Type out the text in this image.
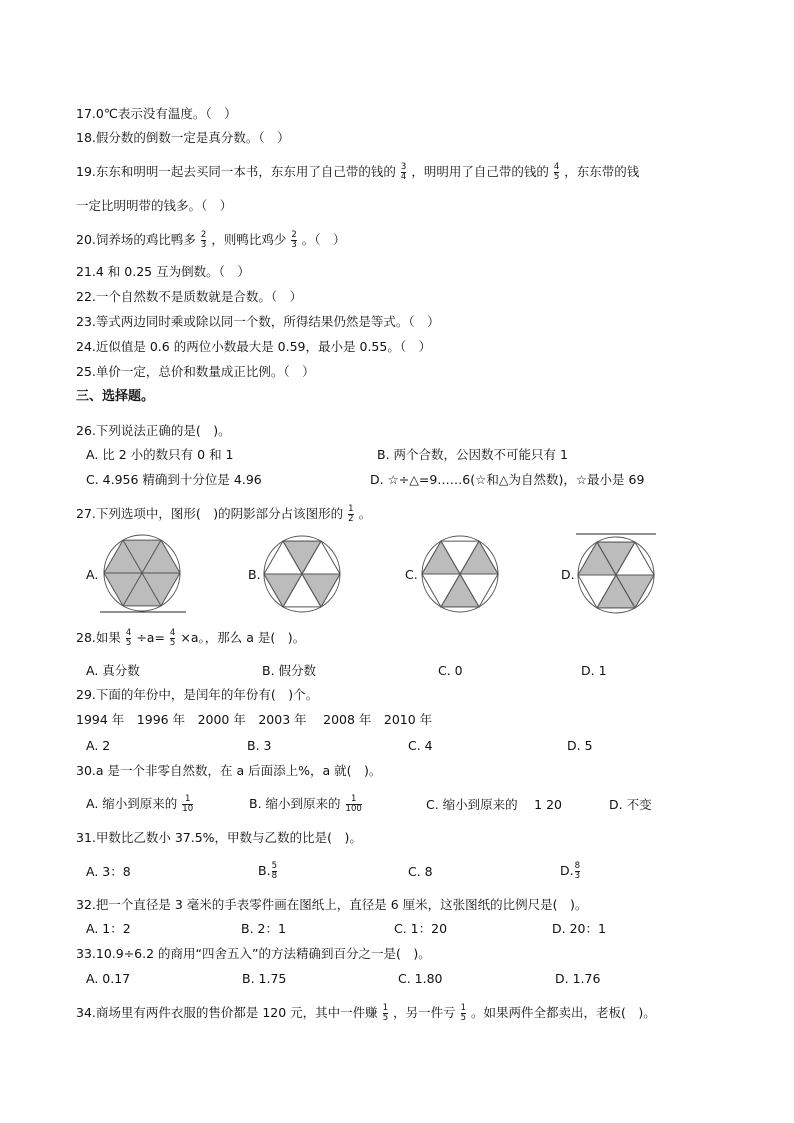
17.0℃表示没有温度。（　）
18.假分数的倒数一定是真分数。（　）
19.东东和明明一起去买同一本书，东东用了自己带的钱的 $\frac{3}{4}$ ，明明用了自己带的钱的 $\frac{4}{5}$ ，东东带的钱
一定比明明带的钱多。（　）
20.饲养场的鸡比鸭多 $\frac{2}{3}$ ，则鸭比鸡少 $\frac{2}{3}$ 。（　）
21.4 和 0.25 互为倒数。（　）
22.一个自然数不是质数就是合数。（　）
23.等式两边同时乘或除以同一个数，所得结果仍然是等式。（　）
24.近似值是 0.6 的两位小数最大是 0.59，最小是 0.55。（　）
25.单价一定，总价和数量成正比例。（　）
三、选择题。
26.下列说法正确的是(　)。
A. 比 2 小的数只有 0 和 1	B. 两个合数，公因数不可能只有 1
C. 4.956 精确到十分位是 4.96	D. ☆÷△=9……6(☆和△为自然数)，☆最小是 69
27.下列选项中，图形(　)的阴影部分占该图形的 $\frac{1}{2}$ 。
A.	B.	C.	D.
28.如果 $\frac{4}{5} \div a= \frac{4}{5} \times a$。，那么 a 是(　)。
A. 真分数	B. 假分数	C. 0	D. 1
29.下面的年份中，是闰年的年份有(　)个。
1994 年　1996 年　2000 年　2003 年　 2008 年　2010 年
A. 2	B. 3	C. 4	D. 5
30.a 是一个非零自然数，在 a 后面添上%，a 就(　)。
A. 缩小到原来的 $\frac{1}{10}$	B. 缩小到原来的 $\frac{1}{100}$	C. 缩小到原来的　 1 20	D. 不变
31.甲数比乙数小 37.5%，甲数与乙数的比是(　)。
A. 3：8	B. $\frac{5}{8}$	C. 8	D. $\frac{8}{3}$
32.把一个直径是 3 毫米的手表零件画在图纸上，直径是 6 厘米，这张图纸的比例尺是(　)。
A. 1：2	B. 2：1	C. 1：20	D. 20：1
33.10.9÷6.2 的商用“四舍五入”的方法精确到百分之一是(　)。
A. 0.17	B. 1.75	C. 1.80	D. 1.76
34.商场里有两件衣服的售价都是 120 元，其中一件赚 $\frac{1}{5}$ ，另一件亏 $\frac{1}{5}$ 。如果两件全都卖出，老板(　)。
